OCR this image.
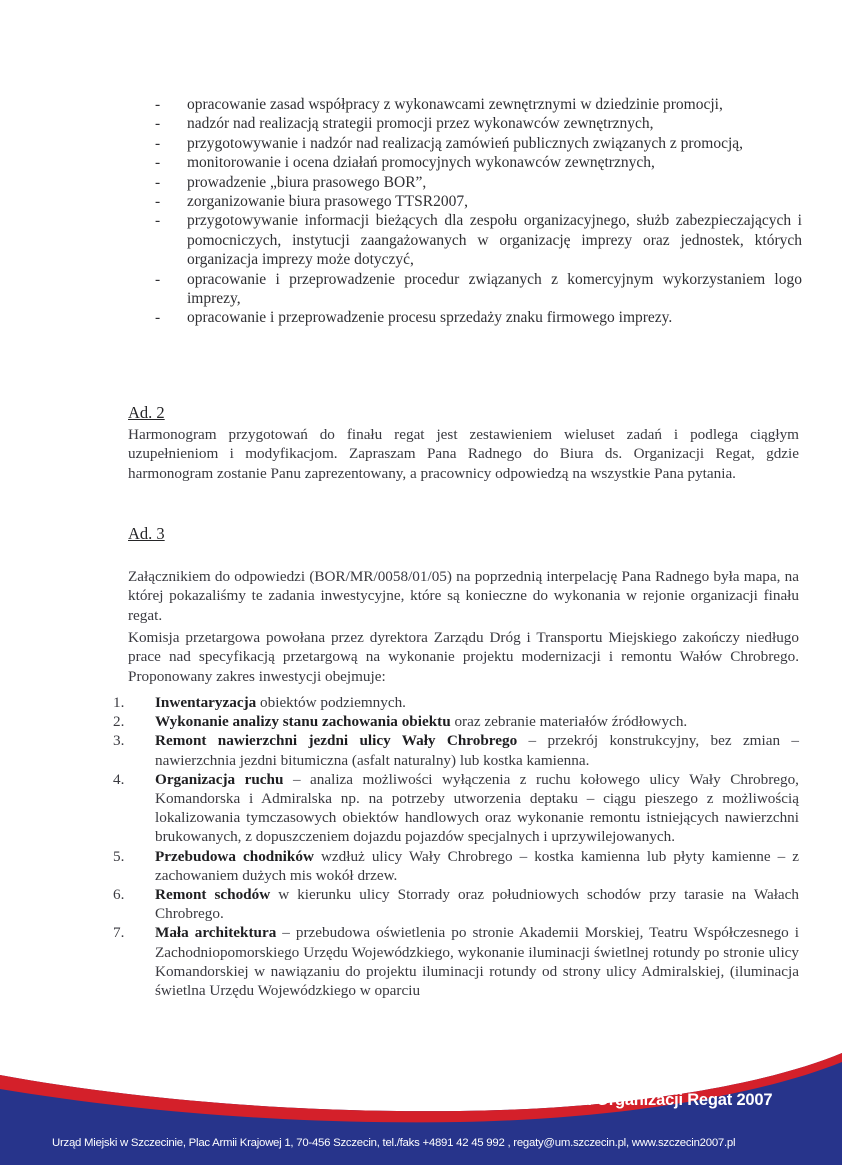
- opracowanie zasad współpracy z wykonawcami zewnętrznymi w dziedzinie promocji,
- nadzór nad realizacją strategii promocji przez wykonawców zewnętrznych,
- przygotowywanie i nadzór nad realizacją zamówień publicznych związanych z promocją,
- monitorowanie i ocena działań promocyjnych wykonawców zewnętrznych,
- prowadzenie „biura prasowego BOR”,
- zorganizowanie biura prasowego TTSR2007,
- przygotowywanie informacji bieżących dla zespołu organizacyjnego, służb zabezpieczających i pomocniczych, instytucji zaangażowanych w organizację imprezy oraz jednostek, których organizacja imprezy może dotyczyć,
- opracowanie i przeprowadzenie procedur związanych z komercyjnym wykorzystaniem logo imprezy,
- opracowanie i przeprowadzenie procesu sprzedaży znaku firmowego imprezy.
Ad. 2

Harmonogram przygotowań do finału regat jest zestawieniem wieluset zadań i podlega ciągłym uzupełnieniom i modyfikacjom. Zapraszam Pana Radnego do Biura ds. Organizacji Regat, gdzie harmonogram zostanie Panu zaprezentowany, a pracownicy odpowiedzą na wszystkie Pana pytania.

Ad. 3

Załącznikiem do odpowiedzi (BOR/MR/0058/01/05) na poprzednią interpelację Pana Radnego była mapa, na której pokazaliśmy te zadania inwestycyjne, które są konieczne do wykonania w rejonie organizacji finału regat.

Komisja przetargowa powołana przez dyrektora Zarządu Dróg i Transportu Miejskiego zakończy niedługo prace nad specyfikacją przetargową na wykonanie projektu modernizacji i remontu Wałów Chrobrego. Proponowany zakres inwestycji obejmuje:

1. Inwentaryzacja obiektów podziemnych.
2. Wykonanie analizy stanu zachowania obiektu oraz zebranie materiałów źródłowych.
3. Remont nawierzchni jezdni ulicy Wały Chrobrego – przekrój konstrukcyjny, bez zmian – nawierzchnia jezdni bitumiczna (asfalt naturalny) lub kostka kamienna.
4. Organizacja ruchu – analiza możliwości wyłączenia z ruchu kołowego ulicy Wały Chrobrego, Komandorska i Admiralska np. na potrzeby utworzenia deptaku – ciągu pieszego z możliwością lokalizowania tymczasowych obiektów handlowych oraz wykonanie remontu istniejących nawierzchni brukowanych, z dopuszczeniem dojazdu pojazdów specjalnych i uprzywilejowanych.
5. Przebudowa chodników wzdłuż ulicy Wały Chrobrego – kostka kamienna lub płyty kamienne – z zachowaniem dużych mis wokół drzew.
6. Remont schodów w kierunku ulicy Storrady oraz południowych schodów przy tarasie na Wałach Chrobrego.
7. Mała architektura – przebudowa oświetlenia po stronie Akademii Morskiej, Teatru Współczesnego i Zachodniopomorskiego Urzędu Wojewódzkiego, wykonanie iluminacji świetlnej rotundy po stronie ulicy Komandorskiej w nawiązaniu do projektu iluminacji rotundy od strony ulicy Admiralskiej, (iluminacja świetlna Urzędu Wojewódzkiego w oparciu
Biuro ds. Organizacji Regat 2007
Urząd Miejski w Szczecinie, Plac Armii Krajowej 1, 70-456 Szczecin, tel./faks +4891 42 45 992 , regaty@um.szczecin.pl, www.szczecin2007.pl
